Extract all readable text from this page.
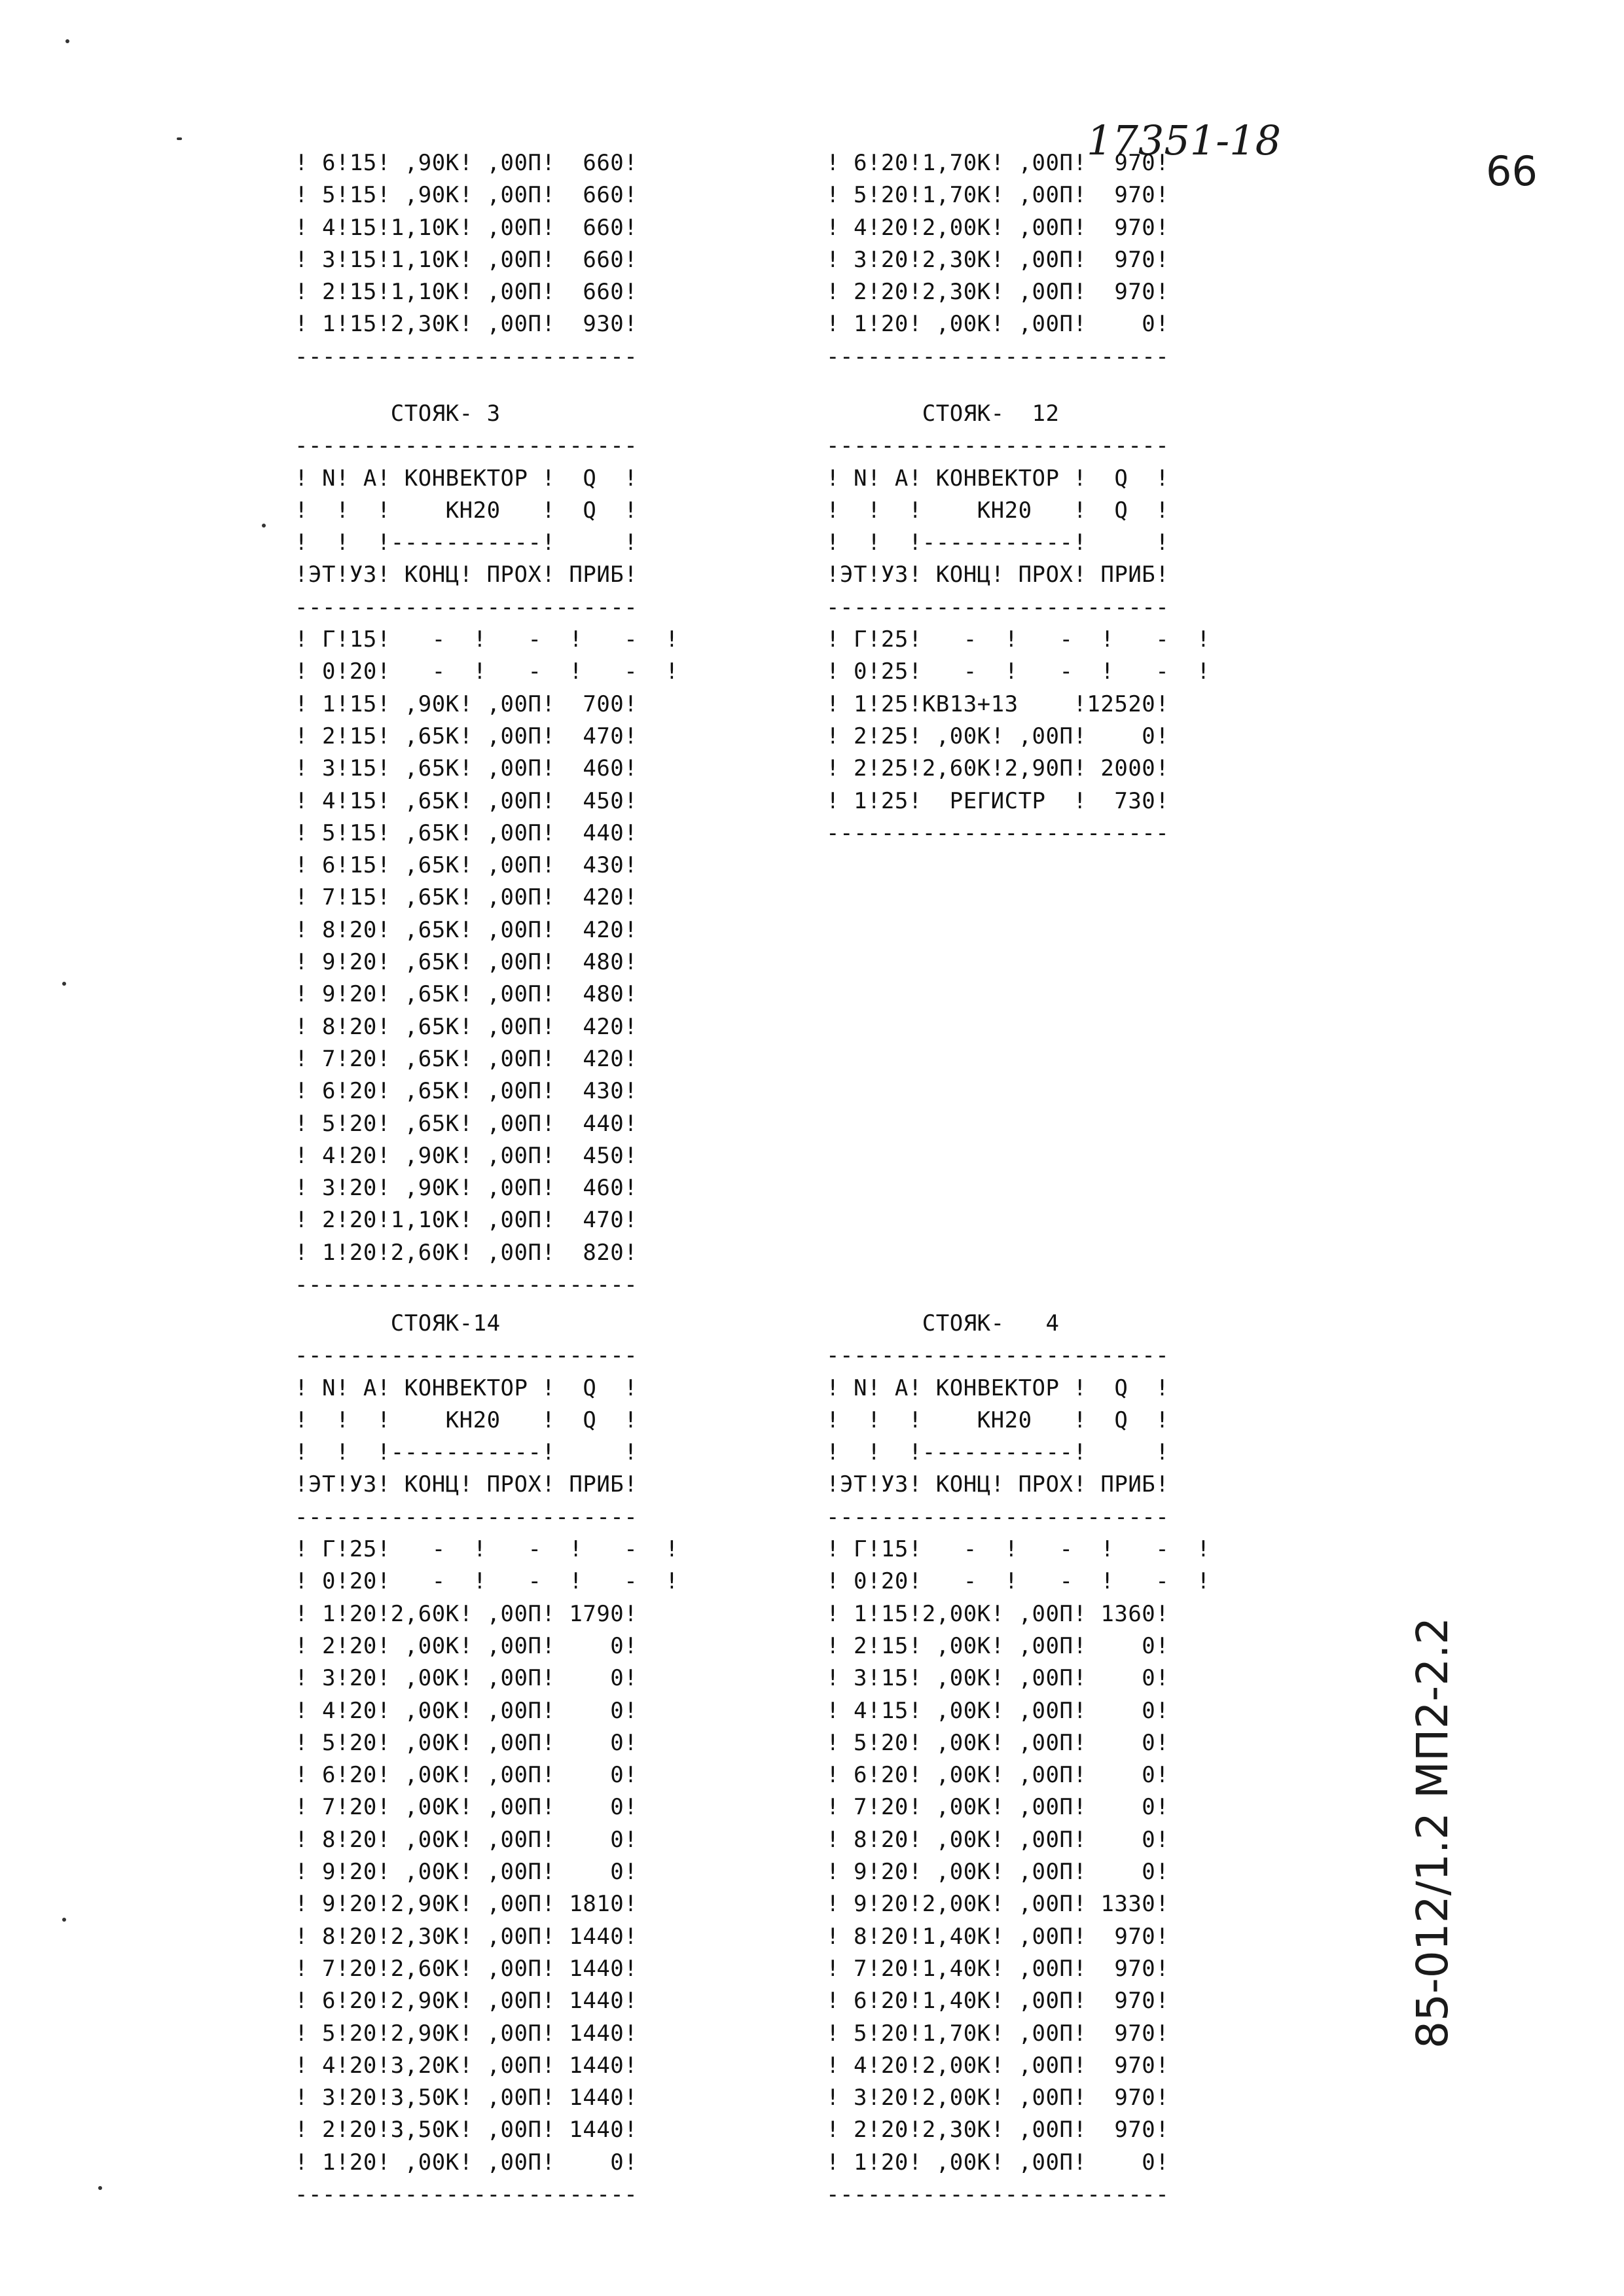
17351-18
66
85-012/1.2 МП2-2.2
! 6!15! ,90К! ,00П!  660!
! 5!15! ,90К! ,00П!  660!
! 4!15!1,10К! ,00П!  660!
! 3!15!1,10К! ,00П!  660!
! 2!15!1,10К! ,00П!  660!
! 1!15!2,30К! ,00П!  930!
-------------------------
! 6!20!1,70К! ,00П!  970!
! 5!20!1,70К! ,00П!  970!
! 4!20!2,00К! ,00П!  970!
! 3!20!2,30К! ,00П!  970!
! 2!20!2,30К! ,00П!  970!
! 1!20! ,00К! ,00П!    0!
-------------------------
СТОЯК- 3
-------------------------
! N! А! КОНВЕКТОР !  Q  !
!  !  !    КН20   !  Q  !
!  !  !-----------!     !
!ЭТ!УЗ! КОНЦ! ПРОХ! ПРИБ!
-------------------------
! Г!15!   -  !   -  !   -  !
! 0!20!   -  !   -  !   -  !
! 1!15! ,90К! ,00П!  700!
! 2!15! ,65К! ,00П!  470!
! 3!15! ,65К! ,00П!  460!
! 4!15! ,65К! ,00П!  450!
! 5!15! ,65К! ,00П!  440!
! 6!15! ,65К! ,00П!  430!
! 7!15! ,65К! ,00П!  420!
! 8!20! ,65К! ,00П!  420!
! 9!20! ,65К! ,00П!  480!
! 9!20! ,65К! ,00П!  480!
! 8!20! ,65К! ,00П!  420!
! 7!20! ,65К! ,00П!  420!
! 6!20! ,65К! ,00П!  430!
! 5!20! ,65К! ,00П!  440!
! 4!20! ,90К! ,00П!  450!
! 3!20! ,90К! ,00П!  460!
! 2!20!1,10К! ,00П!  470!
! 1!20!2,60К! ,00П!  820!
-------------------------
СТОЯК-  12
-------------------------
! N! А! КОНВЕКТОР !  Q  !
!  !  !    КН20   !  Q  !
!  !  !-----------!     !
!ЭТ!УЗ! КОНЦ! ПРОХ! ПРИБ!
-------------------------
! Г!25!   -  !   -  !   -  !
! 0!25!   -  !   -  !   -  !
! 1!25!КВ13+13    !12520!
! 2!25! ,00К! ,00П!    0!
! 2!25!2,60К!2,90П! 2000!
! 1!25!  РЕГИСТР  !  730!
-------------------------
СТОЯК-14
-------------------------
! N! А! КОНВЕКТОР !  Q  !
!  !  !    КН20   !  Q  !
!  !  !-----------!     !
!ЭТ!УЗ! КОНЦ! ПРОХ! ПРИБ!
-------------------------
! Г!25!   -  !   -  !   -  !
! 0!20!   -  !   -  !   -  !
! 1!20!2,60К! ,00П! 1790!
! 2!20! ,00К! ,00П!    0!
! 3!20! ,00К! ,00П!    0!
! 4!20! ,00К! ,00П!    0!
! 5!20! ,00К! ,00П!    0!
! 6!20! ,00К! ,00П!    0!
! 7!20! ,00К! ,00П!    0!
! 8!20! ,00К! ,00П!    0!
! 9!20! ,00К! ,00П!    0!
! 9!20!2,90К! ,00П! 1810!
! 8!20!2,30К! ,00П! 1440!
! 7!20!2,60К! ,00П! 1440!
! 6!20!2,90К! ,00П! 1440!
! 5!20!2,90К! ,00П! 1440!
! 4!20!3,20К! ,00П! 1440!
! 3!20!3,50К! ,00П! 1440!
! 2!20!3,50К! ,00П! 1440!
! 1!20! ,00К! ,00П!    0!
-------------------------
СТОЯК-   4
-------------------------
! N! А! КОНВЕКТОР !  Q  !
!  !  !    КН20   !  Q  !
!  !  !-----------!     !
!ЭТ!УЗ! КОНЦ! ПРОХ! ПРИБ!
-------------------------
! Г!15!   -  !   -  !   -  !
! 0!20!   -  !   -  !   -  !
! 1!15!2,00К! ,00П! 1360!
! 2!15! ,00К! ,00П!    0!
! 3!15! ,00К! ,00П!    0!
! 4!15! ,00К! ,00П!    0!
! 5!20! ,00К! ,00П!    0!
! 6!20! ,00К! ,00П!    0!
! 7!20! ,00К! ,00П!    0!
! 8!20! ,00К! ,00П!    0!
! 9!20! ,00К! ,00П!    0!
! 9!20!2,00К! ,00П! 1330!
! 8!20!1,40К! ,00П!  970!
! 7!20!1,40К! ,00П!  970!
! 6!20!1,40К! ,00П!  970!
! 5!20!1,70К! ,00П!  970!
! 4!20!2,00К! ,00П!  970!
! 3!20!2,00К! ,00П!  970!
! 2!20!2,30К! ,00П!  970!
! 1!20! ,00К! ,00П!    0!
-------------------------
